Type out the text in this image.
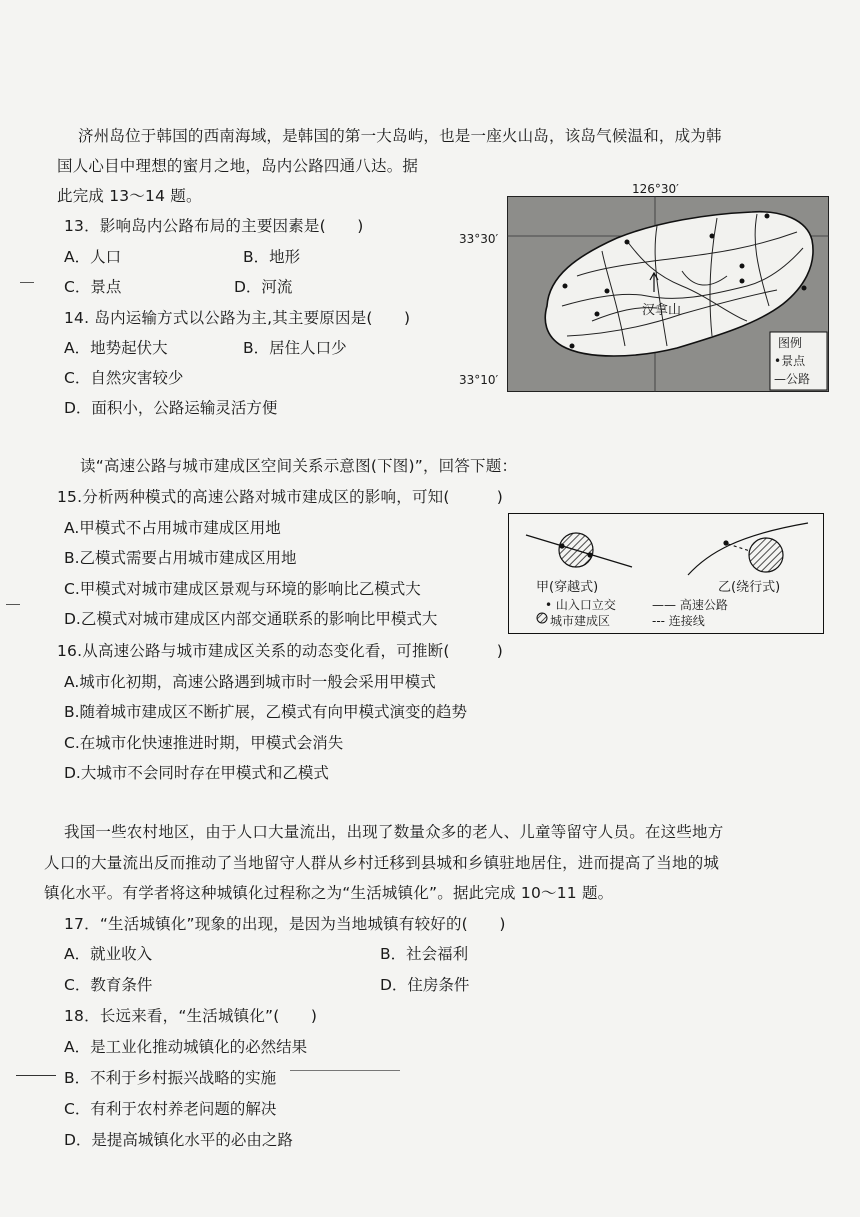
济州岛位于韩国的西南海域，是韩国的第一大岛屿，也是一座火山岛，该岛气候温和，成为韩
国人心目中理想的蜜月之地，岛内公路四通八达。据
此完成 13～14 题。
13．影响岛内公路布局的主要因素是(　　)
A．人口	B．地形
C．景点	D．河流
14. 岛内运输方式以公路为主,其主要原因是(　　)
A．地势起伏大	B．居住人口少
C．自然灾害较少
D．面积小，公路运输灵活方便
126°30′
33°30′
33°10′
汉拿山
图例
•景点
—公路
读“高速公路与城市建成区空间关系示意图(下图)”，回答下题：
15.分析两种模式的高速公路对城市建成区的影响，可知(　　　)
A.甲模式不占用城市建成区用地
B.乙模式需要占用城市建成区用地
C.甲模式对城市建成区景观与环境的影响比乙模式大
D.乙模式对城市建成区内部交通联系的影响比甲模式大
甲(穿越式)	乙(绕行式)
• 山入口立交	—— 高速公路
城市建成区	--- 连接线
16.从高速公路与城市建成区关系的动态变化看，可推断(　　　)
A.城市化初期，高速公路遇到城市时一般会采用甲模式
B.随着城市建成区不断扩展，乙模式有向甲模式演变的趋势
C.在城市化快速推进时期，甲模式会消失
D.大城市不会同时存在甲模式和乙模式
我国一些农村地区，由于人口大量流出，出现了数量众多的老人、儿童等留守人员。在这些地方
人口的大量流出反而推动了当地留守人群从乡村迁移到县城和乡镇驻地居住，进而提高了当地的城
镇化水平。有学者将这种城镇化过程称之为“生活城镇化”。据此完成 10～11 题。
17．“生活城镇化”现象的出现，是因为当地城镇有较好的(　　)
A．就业收入	B．社会福利
C．教育条件	D．住房条件
18．长远来看，“生活城镇化”(　　)
A．是工业化推动城镇化的必然结果
B．不利于乡村振兴战略的实施
C．有利于农村养老问题的解决
D．是提高城镇化水平的必由之路
